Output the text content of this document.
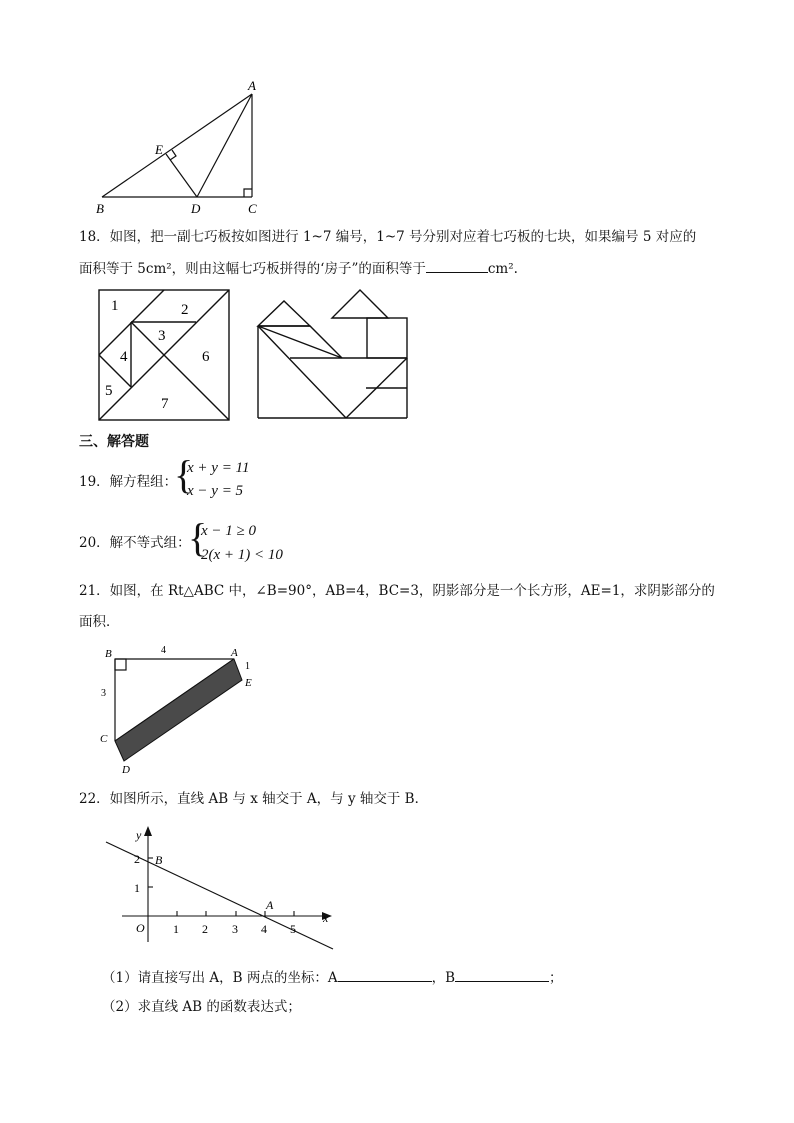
A
E
B	D	C
18．如图，把一副七巧板按如图进行 1~7 编号，1~7 号分别对应着七巧板的七块，如果编号 5 对应的
面积等于 5cm²，则由这幅七巧板拼得的‘房子”的面积等于	cm².
1	2
3
4
5
6
7
三、解答题
19．解方程组：
{
x + y = 11
x − y = 5
20．解不等式组：
{
x − 1 ≥ 0
2(x + 1) < 10
21．如图，在 Rt△ABC 中，∠B=90°，AB=4，BC=3，阴影部分是一个长方形，AE=1，求阴影部分的
面积．
B	A
E
C
D
4
3
1
22．如图所示，直线 AB 与 x 轴交于 A，与 y 轴交于 B．
x
y
O 1 2 3 4 5
1
2 B
A
（1）请直接写出 A，B 两点的坐标：A	，B	；
（2）求直线 AB 的函数表达式；
